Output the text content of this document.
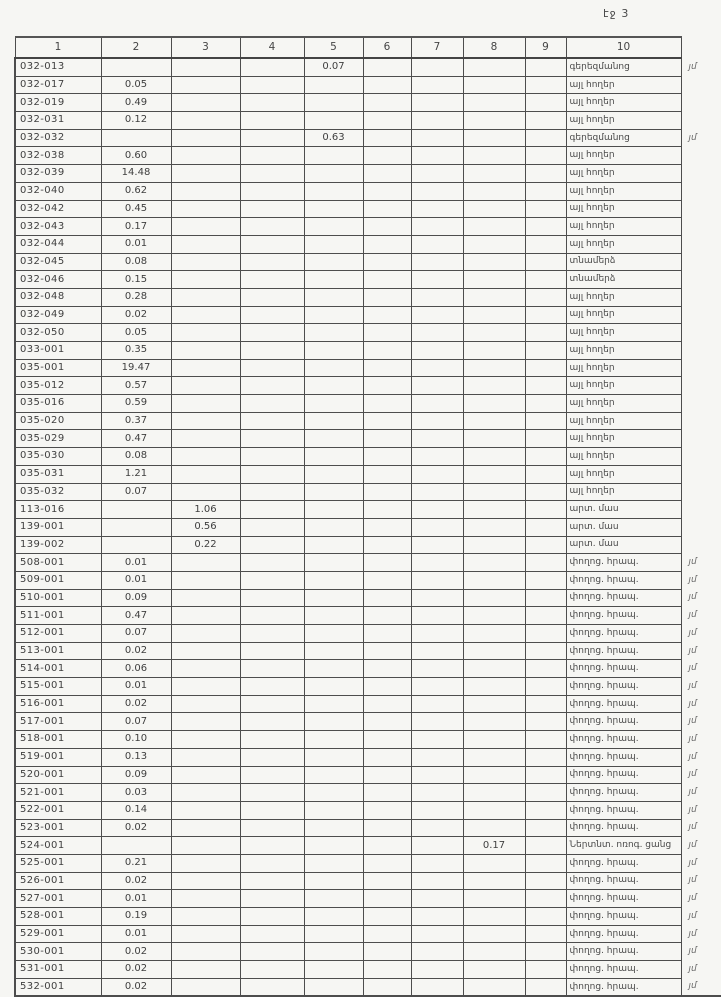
էջ 3
1	2	3	4	5	6	7	8	9	10	
032-013				0.07					գերեզմանոց	յմ
032-017	0.05								այլ հողեր	
032-019	0.49								այլ հողեր	
032-031	0.12								այլ հողեր	
032-032				0.63					գերեզմանոց	յմ
032-038	0.60								այլ հողեր	
032-039	14.48								այլ հողեր	
032-040	0.62								այլ հողեր	
032-042	0.45								այլ հողեր	
032-043	0.17								այլ հողեր	
032-044	0.01								այլ հողեր	
032-045	0.08								տնամերձ	
032-046	0.15								տնամերձ	
032-048	0.28								այլ հողեր	
032-049	0.02								այլ հողեր	
032-050	0.05								այլ հողեր	
033-001	0.35								այլ հողեր	
035-001	19.47								այլ հողեր	
035-012	0.57								այլ հողեր	
035-016	0.59								այլ հողեր	
035-020	0.37								այլ հողեր	
035-029	0.47								այլ հողեր	
035-030	0.08								այլ հողեր	
035-031	1.21								այլ հողեր	
035-032	0.07								այլ հողեր	
113-016		1.06							արտ. մաս	
139-001		0.56							արտ. մաս	
139-002		0.22							արտ. մաս	
508-001	0.01								փողոց. հրապ.	յմ
509-001	0.01								փողոց. հրապ.	յմ
510-001	0.09								փողոց. հրապ.	յմ
511-001	0.47								փողոց. հրապ.	յմ
512-001	0.07								փողոց. հրապ.	յմ
513-001	0.02								փողոց. հրապ.	յմ
514-001	0.06								փողոց. հրապ.	յմ
515-001	0.01								փողոց. հրապ.	յմ
516-001	0.02								փողոց. հրապ.	յմ
517-001	0.07								փողոց. հրապ.	յմ
518-001	0.10								փողոց. հրապ.	յմ
519-001	0.13								փողոց. հրապ.	յմ
520-001	0.09								փողոց. հրապ.	յմ
521-001	0.03								փողոց. հրապ.	յմ
522-001	0.14								փողոց. հրապ.	յմ
523-001	0.02								փողոց. հրապ.	յմ
524-001							0.17		Ներտնտ. ոռոգ. ցանց	յմ
525-001	0.21								փողոց. հրապ.	յմ
526-001	0.02								փողոց. հրապ.	յմ
527-001	0.01								փողոց. հրապ.	յմ
528-001	0.19								փողոց. հրապ.	յմ
529-001	0.01								փողոց. հրապ.	յմ
530-001	0.02								փողոց. հրապ.	յմ
531-001	0.02								փողոց. հրապ.	յմ
532-001	0.02								փողոց. հրապ.	յմ
